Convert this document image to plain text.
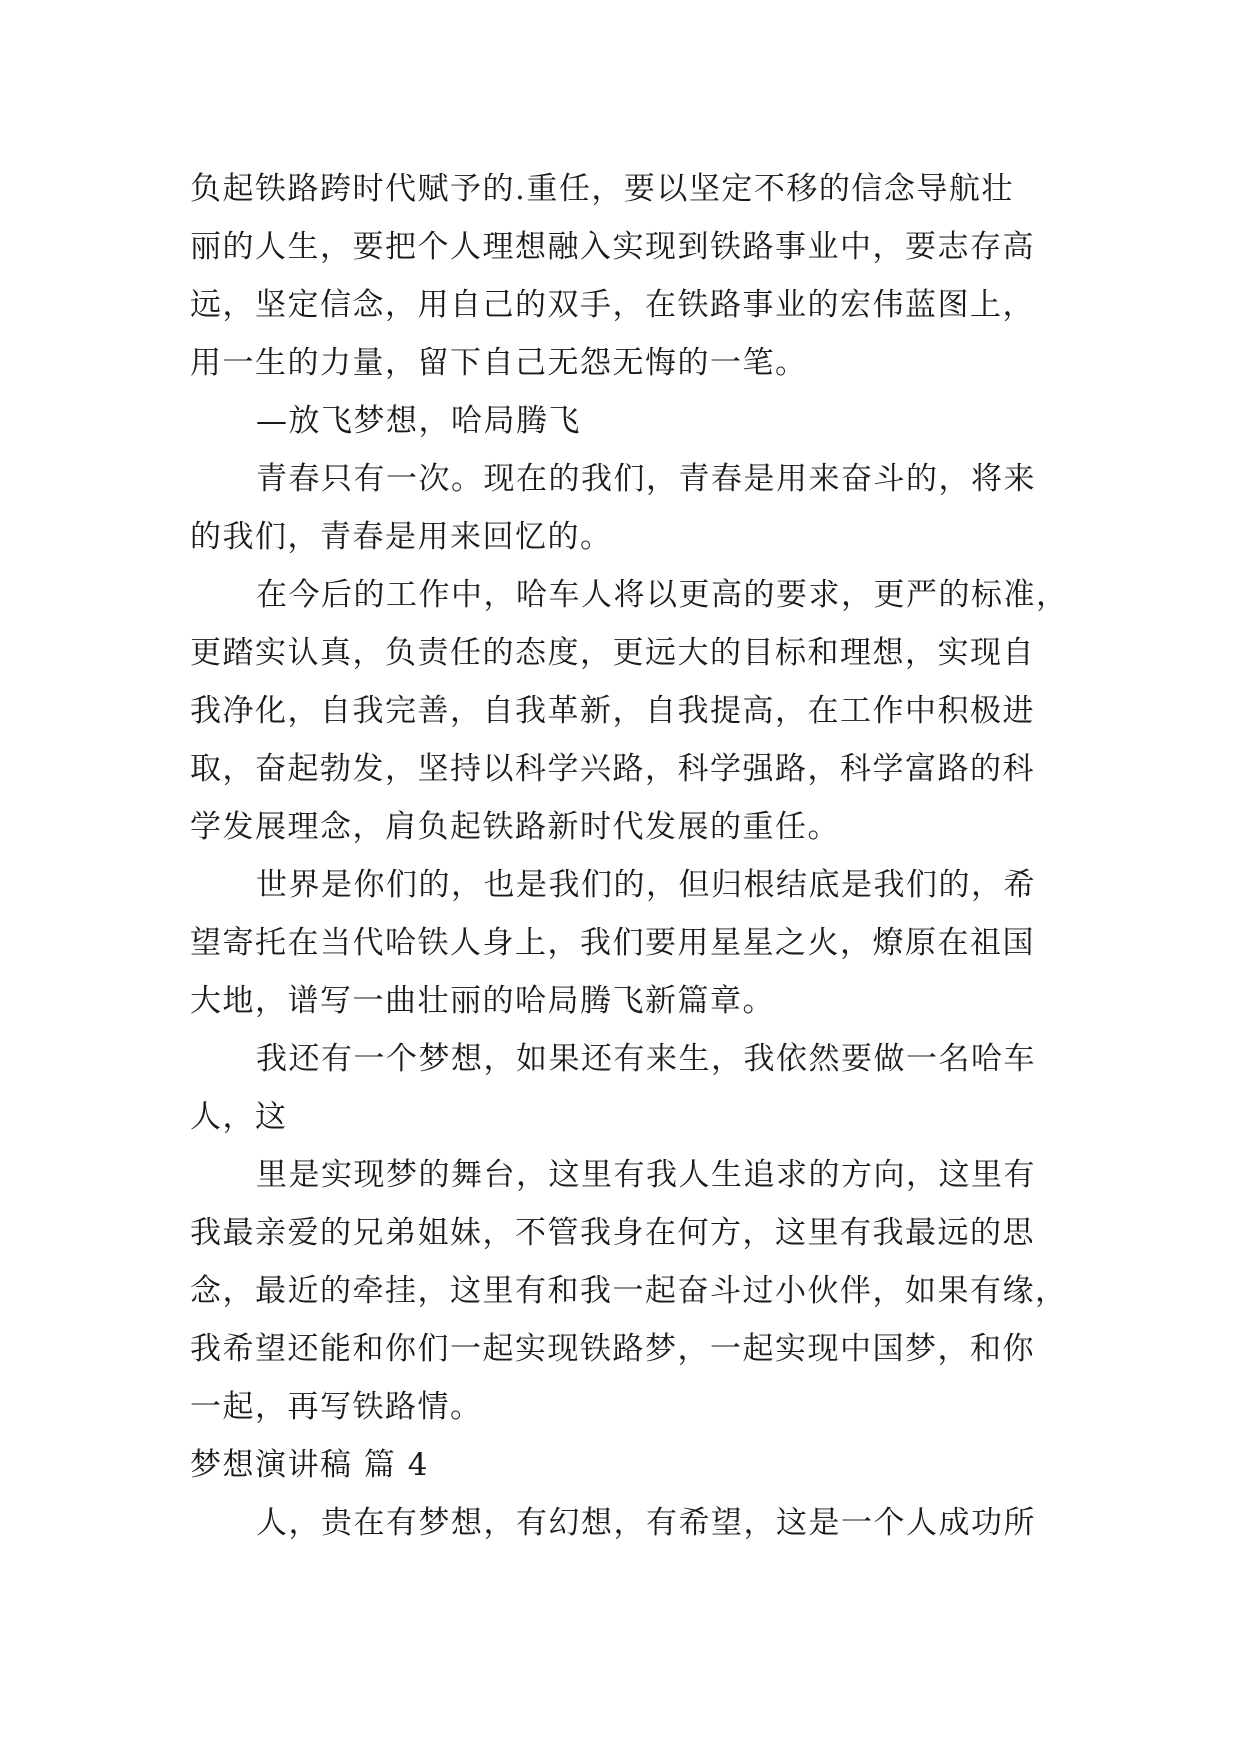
负起铁路跨时代赋予的.重任，要以坚定不移的信念导航壮
丽的人生，要把个人理想融入实现到铁路事业中，要志存高
远，坚定信念，用自己的双手，在铁路事业的宏伟蓝图上，
用一生的力量，留下自己无怨无悔的一笔。
—放飞梦想，哈局腾飞
青春只有一次。现在的我们，青春是用来奋斗的，将来
的我们，青春是用来回忆的。
在今后的工作中，哈车人将以更高的要求，更严的标准，
更踏实认真，负责任的态度，更远大的目标和理想，实现自
我净化，自我完善，自我革新，自我提高，在工作中积极进
取，奋起勃发，坚持以科学兴路，科学强路，科学富路的科
学发展理念，肩负起铁路新时代发展的重任。
世界是你们的，也是我们的，但归根结底是我们的，希
望寄托在当代哈铁人身上，我们要用星星之火，燎原在祖国
大地，谱写一曲壮丽的哈局腾飞新篇章。
我还有一个梦想，如果还有来生，我依然要做一名哈车
人，这
里是实现梦的舞台，这里有我人生追求的方向，这里有
我最亲爱的兄弟姐妹，不管我身在何方，这里有我最远的思
念，最近的牵挂，这里有和我一起奋斗过小伙伴，如果有缘，
我希望还能和你们一起实现铁路梦，一起实现中国梦，和你
一起，再写铁路情。
梦想演讲稿 篇 4
人，贵在有梦想，有幻想，有希望，这是一个人成功所
